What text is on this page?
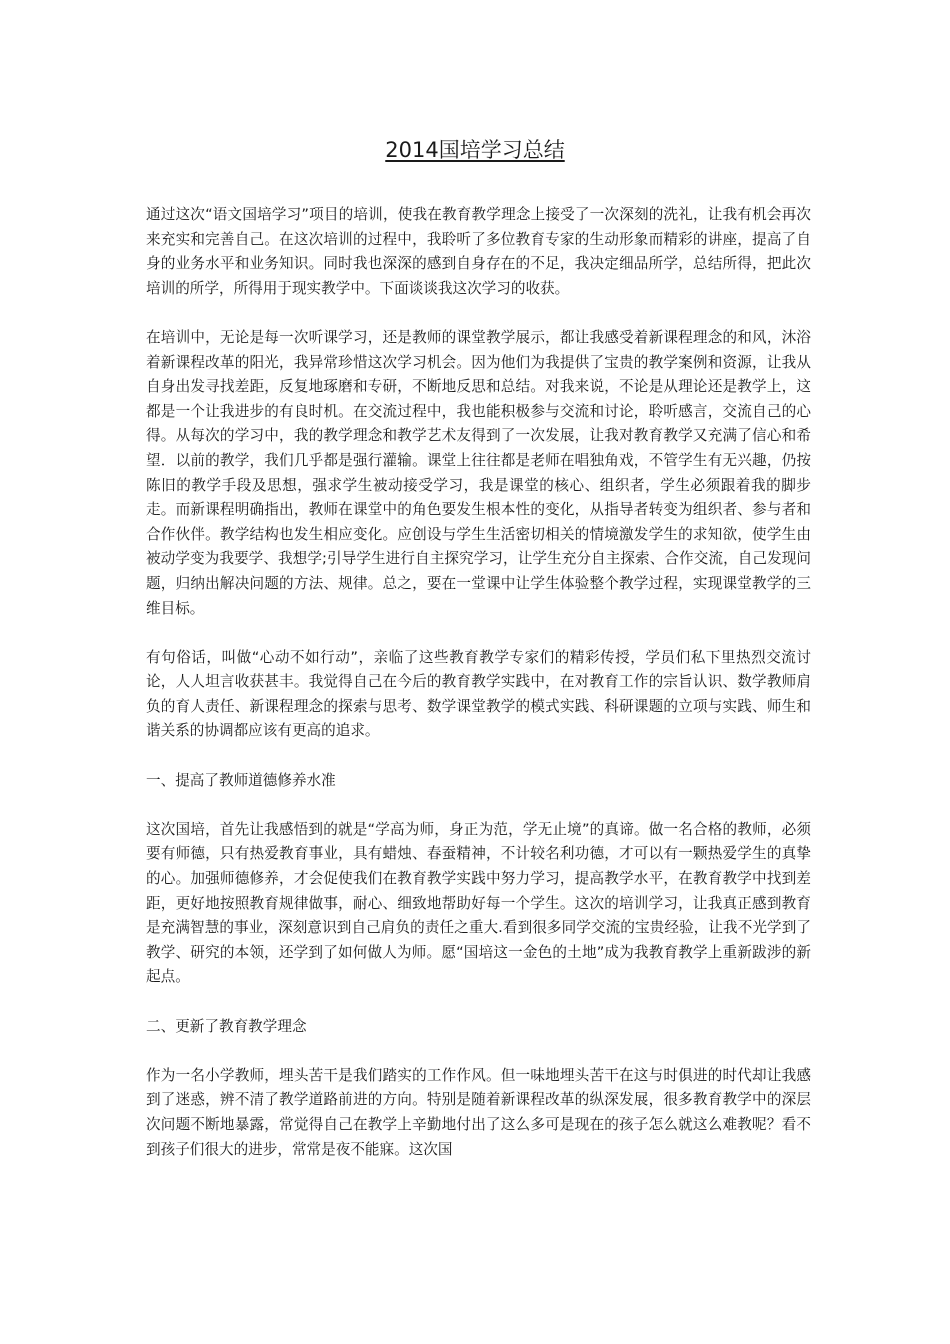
2014国培学习总结

通过这次“语文国培学习”项目的培训，使我在教育教学理念上接受了一次深刻的洗礼，让我有机会再次来充实和完善自己。在这次培训的过程中，我聆听了多位教育专家的生动形象而精彩的讲座，提高了自身的业务水平和业务知识。同时我也深深的感到自身存在的不足，我决定细品所学，总结所得，把此次培训的所学，所得用于现实教学中。下面谈谈我这次学习的收获。

在培训中，无论是每一次听课学习，还是教师的课堂教学展示，都让我感受着新课程理念的和风，沐浴着新课程改革的阳光，我异常珍惜这次学习机会。因为他们为我提供了宝贵的教学案例和资源，让我从自身出发寻找差距，反复地琢磨和专研，不断地反思和总结。对我来说，不论是从理论还是教学上，这都是一个让我进步的有良时机。在交流过程中，我也能积极参与交流和讨论，聆听感言，交流自己的心得。从每次的学习中，我的教学理念和教学艺术友得到了一次发展，让我对教育教学又充满了信心和希望．以前的教学，我们几乎都是强行灌输。课堂上往往都是老师在唱独角戏，不管学生有无兴趣，仍按陈旧的教学手段及思想，强求学生被动接受学习，我是课堂的核心、组织者，学生必须跟着我的脚步走。而新课程明确指出，教师在课堂中的角色要发生根本性的变化，从指导者转变为组织者、参与者和合作伙伴。教学结构也发生相应变化。应创设与学生生活密切相关的情境激发学生的求知欲，使学生由被动学变为我要学、我想学;引导学生进行自主探究学习，让学生充分自主探索、合作交流，自己发现问题，归纳出解决问题的方法、规律。总之，要在一堂课中让学生体验整个教学过程，实现课堂教学的三维目标。

有句俗话，叫做“心动不如行动”，亲临了这些教育教学专家们的精彩传授，学员们私下里热烈交流讨论，人人坦言收获甚丰。我觉得自己在今后的教育教学实践中，在对教育工作的宗旨认识、数学教师肩负的育人责任、新课程理念的探索与思考、数学课堂教学的模式实践、科研课题的立项与实践、师生和谐关系的协调都应该有更高的追求。

一、提高了教师道德修养水准

这次国培，首先让我感悟到的就是“学高为师，身正为范，学无止境”的真谛。做一名合格的教师，必须要有师德，只有热爱教育事业，具有蜡烛、春蚕精神，不计较名利功德，才可以有一颗热爱学生的真挚的心。加强师德修养，才会促使我们在教育教学实践中努力学习，提高教学水平，在教育教学中找到差距，更好地按照教育规律做事，耐心、细致地帮助好每一个学生。这次的培训学习，让我真正感到教育是充满智慧的事业，深刻意识到自己肩负的责任之重大.看到很多同学交流的宝贵经验，让我不光学到了教学、研究的本领，还学到了如何做人为师。愿“国培这一金色的土地”成为我教育教学上重新跋涉的新起点。

二、更新了教育教学理念

作为一名小学教师，埋头苦干是我们踏实的工作作风。但一味地埋头苦干在这与时俱进的时代却让我感到了迷惑，辨不清了教学道路前进的方向。特别是随着新课程改革的纵深发展，很多教育教学中的深层次问题不断地暴露，常觉得自己在教学上辛勤地付出了这么多可是现在的孩子怎么就这么难教呢？看不到孩子们很大的进步，常常是夜不能寐。这次国
